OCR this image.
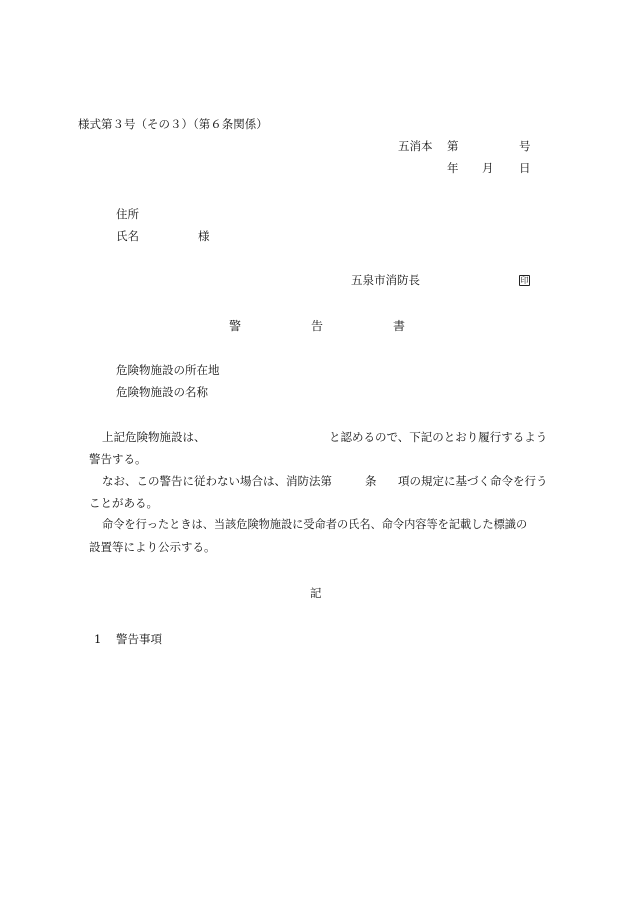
様式第３号（その３）（第６条関係）
五消本 第	号
年 月 日
住所
氏名	様
五泉市消防長	印
警	告	書
危険物施設の所在地
危険物施設の名称
上記危険物施設は、	と認めるので、下記のとおり履行するよう
警告する。
なお、この警告に従わない場合は、消防法第	条 項の規定に基づく命令を行う
ことがある。
命令を行ったときは、当該危険物施設に受命者の氏名、命令内容等を記載した標識の
設置等により公示する。
記
1 警告事項
